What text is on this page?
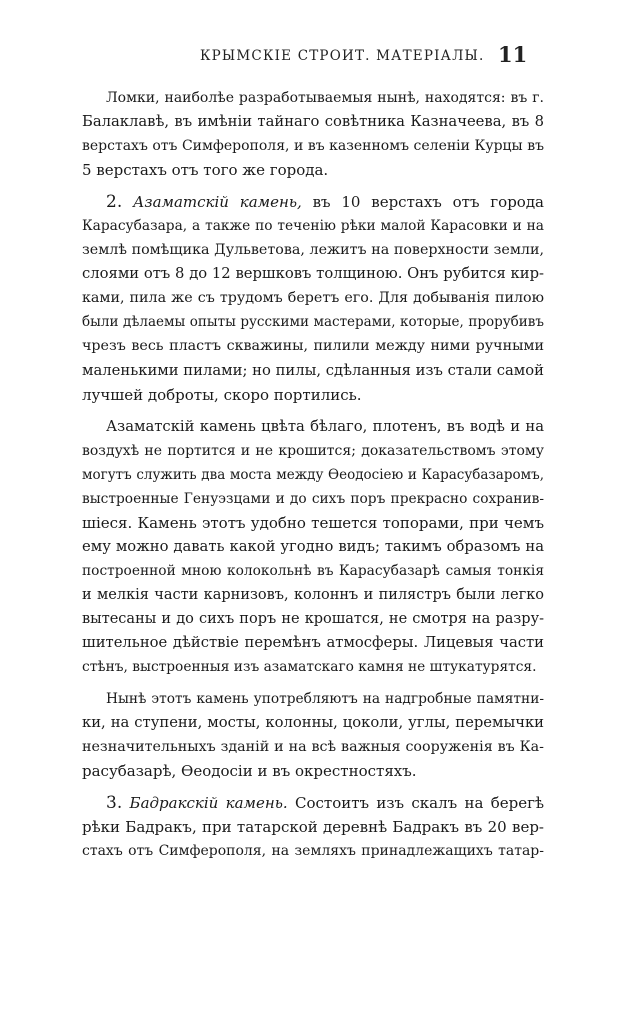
КРЫМСКІЕ СТРОИТ. МАТЕРІАЛЫ. 11
Ломки, наиболѣе разработываемыя нынѣ, находятся: въ г.
Балаклавѣ, въ имѣніи тайнаго совѣтника Казначеева, въ 8
верстахъ отъ Симферополя, и въ казенномъ селеніи Курцы въ
5 верстахъ отъ того же города.
2. Азаматскій камень, въ 10 верстахъ отъ города
Карасубазара, а также по теченію рѣки малой Карасовки и на
землѣ помѣщика Дульветова, лежитъ на поверхности земли,
слоями отъ 8 до 12 вершковъ толщиною. Онъ рубится кир-
ками, пила же съ трудомъ беретъ его. Для добыванія пилою
были дѣлаемы опыты русскими мастерами, которые, прорубивъ
чрезъ весь пластъ скважины, пилили между ними ручными
маленькими пилами; но пилы, сдѣланныя изъ стали самой
лучшей доброты, скоро портились.
Азаматскій камень цвѣта бѣлаго, плотенъ, въ водѣ и на
воздухѣ не портится и не крошится; доказательствомъ этому
могутъ служить два моста между Ѳеодосіею и Карасубазаромъ,
выстроенные Генуэзцами и до сихъ поръ прекрасно сохранив-
шіеся. Камень этотъ удобно тешется топорами, при чемъ
ему можно давать какой угодно видъ; такимъ образомъ на
построенной мною колокольнѣ въ Карасубазарѣ самыя тонкія
и мелкія части карнизовъ, колоннъ и пилястръ были легко
вытесаны и до сихъ поръ не крошатся, не смотря на разру-
шительное дѣйствіе перемѣнъ атмосферы. Лицевыя части
стѣнъ, выстроенныя изъ азаматскаго камня не штукатурятся.
Нынѣ этотъ камень употребляютъ на надгробные памятни-
ки, на ступени, мосты, колонны, цоколи, углы, перемычки
незначительныхъ зданій и на всѣ важныя сооруженія въ Ка-
расубазарѣ, Ѳеодосіи и въ окрестностяхъ.
3. Бадракскій камень. Состоитъ изъ скалъ на берегѣ
рѣки Бадракъ, при татарской деревнѣ Бадракъ въ 20 вер-
стахъ отъ Симферополя, на земляхъ принадлежащихъ татар-
